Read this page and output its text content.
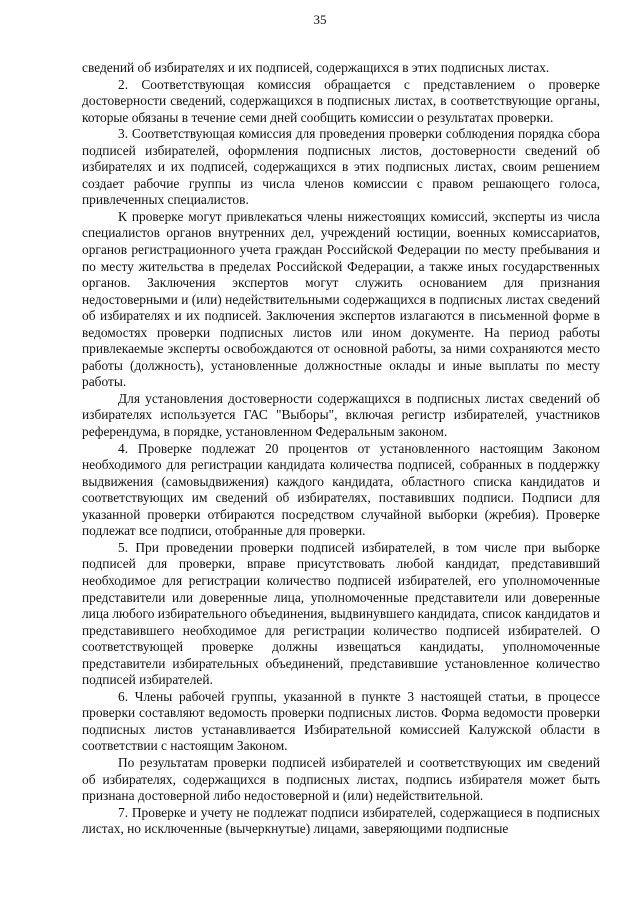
35

сведений об избирателях и их подписей, содержащихся в этих подписных листах.

2. Соответствующая комиссия обращается с представлением о проверке достоверности сведений, содержащихся в подписных листах, в соответствующие органы, которые обязаны в течение семи дней сообщить комиссии о результатах проверки.

3. Соответствующая комиссия для проведения проверки соблюдения порядка сбора подписей избирателей, оформления подписных листов, достоверности сведений об избирателях и их подписей, содержащихся в этих подписных листах, своим решением создает рабочие группы из числа членов комиссии с правом решающего голоса, привлеченных специалистов.

К проверке могут привлекаться члены нижестоящих комиссий, эксперты из числа специалистов органов внутренних дел, учреждений юстиции, военных комиссариатов, органов регистрационного учета граждан Российской Федерации по месту пребывания и по месту жительства в пределах Российской Федерации, а также иных государственных органов. Заключения экспертов могут служить основанием для признания недостоверными и (или) недействительными содержащихся в подписных листах сведений об избирателях и их подписей. Заключения экспертов излагаются в письменной форме в ведомостях проверки подписных листов или ином документе. На период работы привлекаемые эксперты освобождаются от основной работы, за ними сохраняются место работы (должность), установленные должностные оклады и иные выплаты по месту работы.

Для установления достоверности содержащихся в подписных листах сведений об избирателях используется ГАС "Выборы", включая регистр избирателей, участников референдума, в порядке, установленном Федеральным законом.

4. Проверке подлежат 20 процентов от установленного настоящим Законом необходимого для регистрации кандидата количества подписей, собранных в поддержку выдвижения (самовыдвижения) каждого кандидата, областного списка кандидатов и соответствующих им сведений об избирателях, поставивших подписи. Подписи для указанной проверки отбираются посредством случайной выборки (жребия). Проверке подлежат все подписи, отобранные для проверки.

5. При проведении проверки подписей избирателей, в том числе при выборке подписей для проверки, вправе присутствовать любой кандидат, представивший необходимое для регистрации количество подписей избирателей, его уполномоченные представители или доверенные лица, уполномоченные представители или доверенные лица любого избирательного объединения, выдвинувшего кандидата, список кандидатов и представившего необходимое для регистрации количество подписей избирателей. О соответствующей проверке должны извещаться кандидаты, уполномоченные представители избирательных объединений, представившие установленное количество подписей избирателей.

6. Члены рабочей группы, указанной в пункте 3 настоящей статьи, в процессе проверки составляют ведомость проверки подписных листов. Форма ведомости проверки подписных листов устанавливается Избирательной комиссией Калужской области в соответствии с настоящим Законом.

По результатам проверки подписей избирателей и соответствующих им сведений об избирателях, содержащихся в подписных листах, подпись избирателя может быть признана достоверной либо недостоверной и (или) недействительной.

7. Проверке и учету не подлежат подписи избирателей, содержащиеся в подписных листах, но исключенные (вычеркнутые) лицами, заверяющими подписные
